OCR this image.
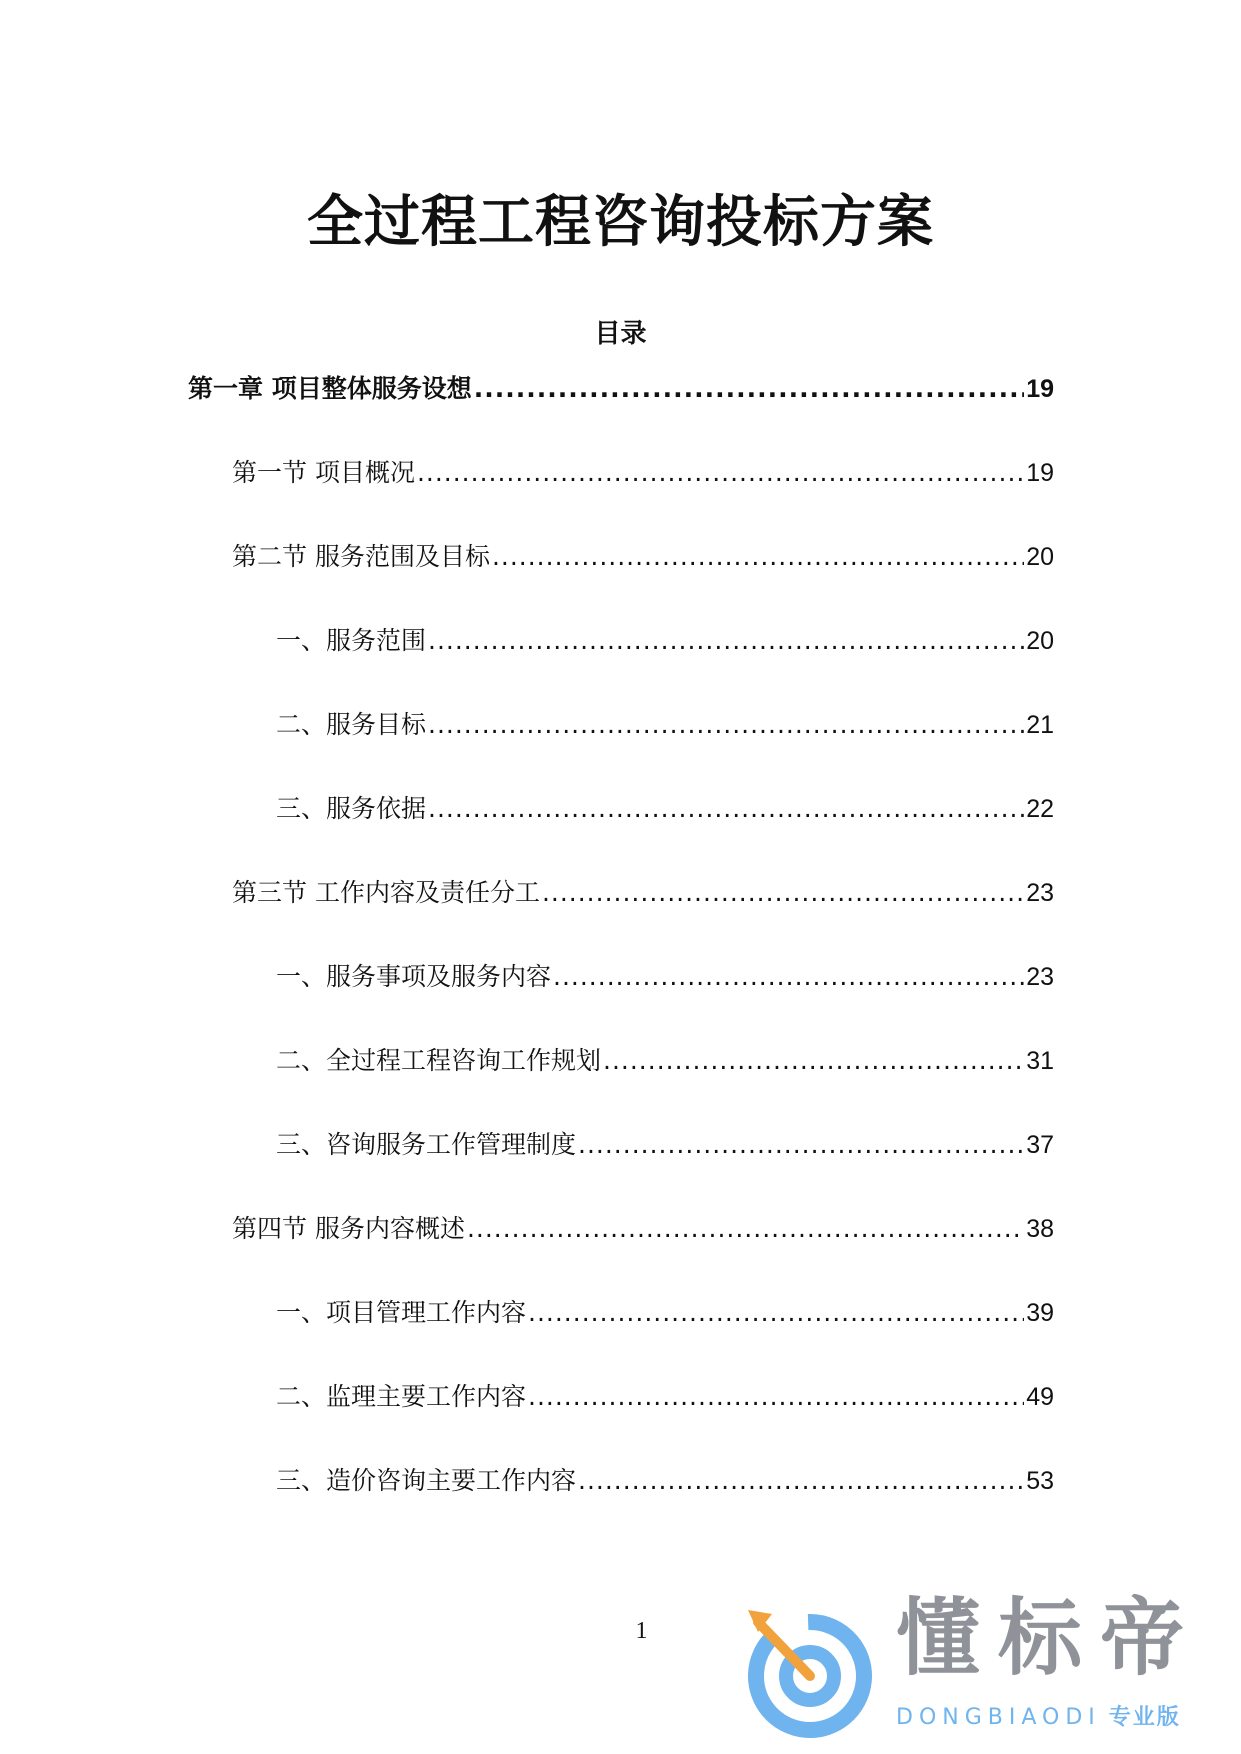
全过程工程咨询投标方案
目录
第一章 项目整体服务设想 .....	19
第一节 项目概况 .....	19
第二节 服务范围及目标 .....	20
一、服务范围 .....	20
二、服务目标 .....	21
三、服务依据 .....	22
第三节 工作内容及责任分工 .....	23
一、服务事项及服务内容 .....	23
二、全过程工程咨询工作规划 .....	31
三、咨询服务工作管理制度 .....	37
第四节 服务内容概述 .....	38
一、项目管理工作内容 .....	39
二、监理主要工作内容 .....	49
三、造价咨询主要工作内容 .....	53
1	懂标帝
DONGBIAODI 专业版
